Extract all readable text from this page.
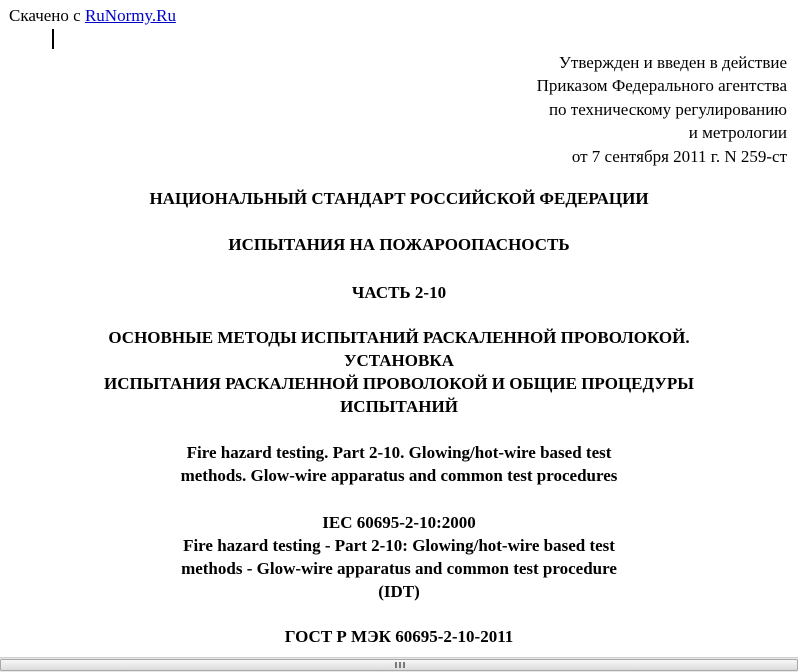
Скачено с RuNormy.Ru
Утвержден и введен в действие
Приказом Федерального агентства
по техническому регулированию
и метрологии
от 7 сентября 2011 г. N 259-ст
НАЦИОНАЛЬНЫЙ СТАНДАРТ РОССИЙСКОЙ ФЕДЕРАЦИИ
ИСПЫТАНИЯ НА ПОЖАРООПАСНОСТЬ
ЧАСТЬ 2-10
ОСНОВНЫЕ МЕТОДЫ ИСПЫТАНИЙ РАСКАЛЕННОЙ ПРОВОЛОКОЙ.
УСТАНОВКА
ИСПЫТАНИЯ РАСКАЛЕННОЙ ПРОВОЛОКОЙ И ОБЩИЕ ПРОЦЕДУРЫ
ИСПЫТАНИЙ
Fire hazard testing. Part 2-10. Glowing/hot-wire based test
methods. Glow-wire apparatus and common test procedures
IEC 60695-2-10:2000
Fire hazard testing - Part 2-10: Glowing/hot-wire based test
methods - Glow-wire apparatus and common test procedure
(IDT)
ГОСТ Р МЭК 60695-2-10-2011
